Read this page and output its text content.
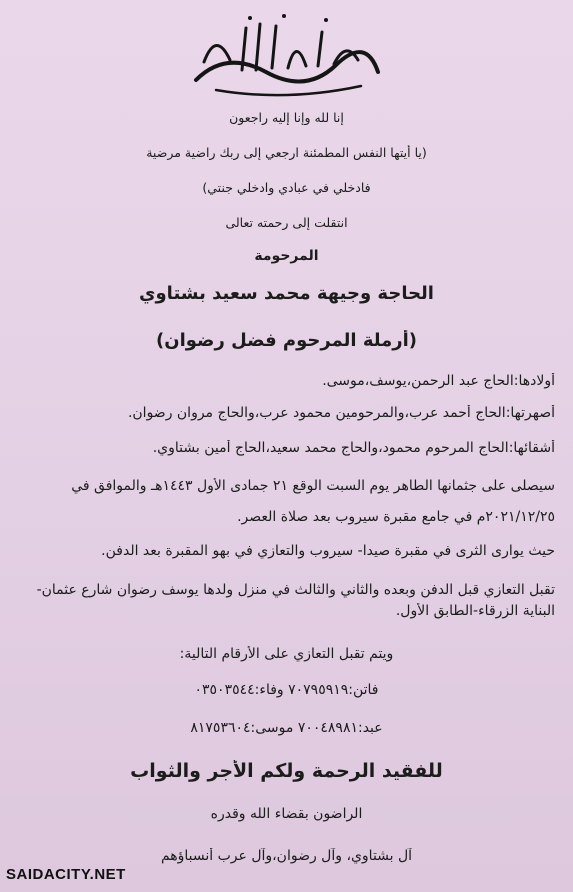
إنا لله وإنا إليه راجعون
(يا أيتها النفس المطمئنة ارجعي إلى ربك راضية مرضية
فادخلي في عبادي وادخلي جنتي)
انتقلت إلى رحمته تعالى
المرحومة
الحاجة وجيهة محمد سعيد بشتاوي
(أرملة المرحوم فضل رضوان)
أولادها:الحاج عبد الرحمن،يوسف،موسى.
أصهرتها:الحاج أحمد عرب،والمرحومين محمود عرب،والحاج مروان رضوان.
أشقائها:الحاج المرحوم محمود،والحاج محمد سعيد،الحاج أمين بشتاوي.
سيصلى على جثمانها الطاهر يوم السبت الوقع ٢١ جمادى الأول ١٤٤٣هـ والموافق في
٢٠٢١/١٢/٢٥م في جامع مقبرة سيروب بعد صلاة العصر.
حيث يوارى الثرى في مقبرة صيدا- سيروب والتعازي في بهو المقبرة بعد الدفن.
تقبل التعازي قبل الدفن وبعده والثاني والثالث في منزل ولدها يوسف رضوان شارع عثمان-
البناية الزرقاء-الطابق الأول.
ويتم تقبل التعازي على الأرقام التالية:
فاتن:٧٠٧٩٥٩١٩ وفاء:٠٣٥٠٣٥٤٤
عبد:٧٠٠٤٨٩٨١ موسى:٨١٧٥٣٦٠٤
للفقيد الرحمة ولكم الأجر والثواب
الراضون بقضاء الله وقدره
آل بشتاوي، وآل رضوان،وآل عرب أنسباؤهم
SAIDACITY.NET
